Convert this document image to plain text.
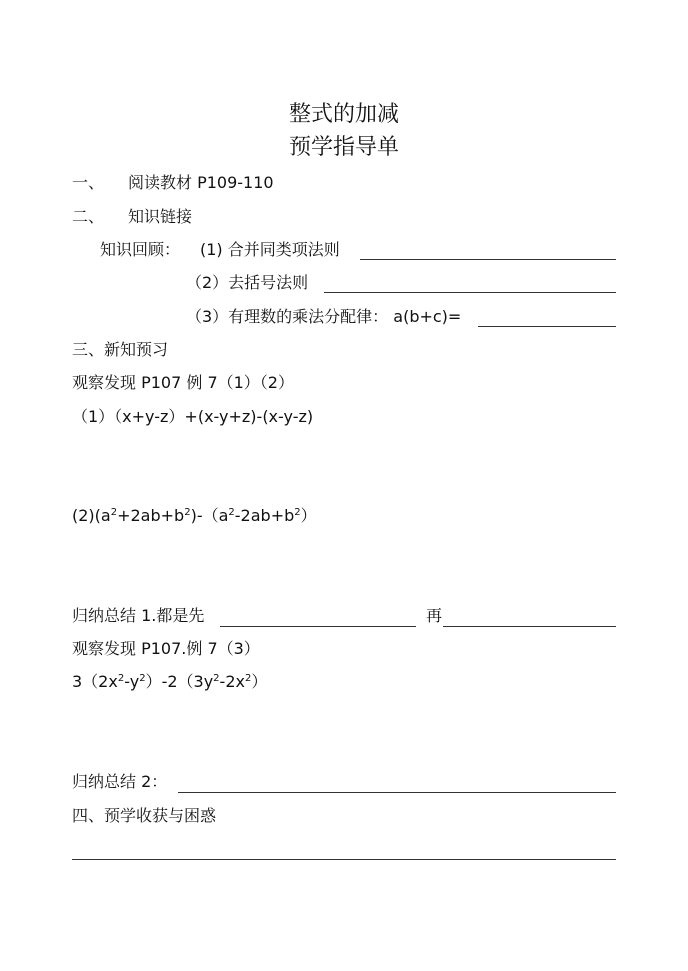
整式的加减
预学指导单
一、 阅读教材 P109-110
二、 知识链接
知识回顾： (1) 合并同类项法则
（2）去括号法则
（3）有理数的乘法分配律： a(b+c)=
三、新知预习
观察发现 P107 例 7（1）（2）
（1）（x+y-z）+(x-y+z)-(x-y-z)
$(2)(a^2+2ab+b^2)-(a^2-2ab+b^2)$
归纳总结 1.都是先	再
观察发现 P107.例 7（3）
$3(2x^2-y^2)-2(3y^2-2x^2)$
归纳总结 2：
四、预学收获与困惑
